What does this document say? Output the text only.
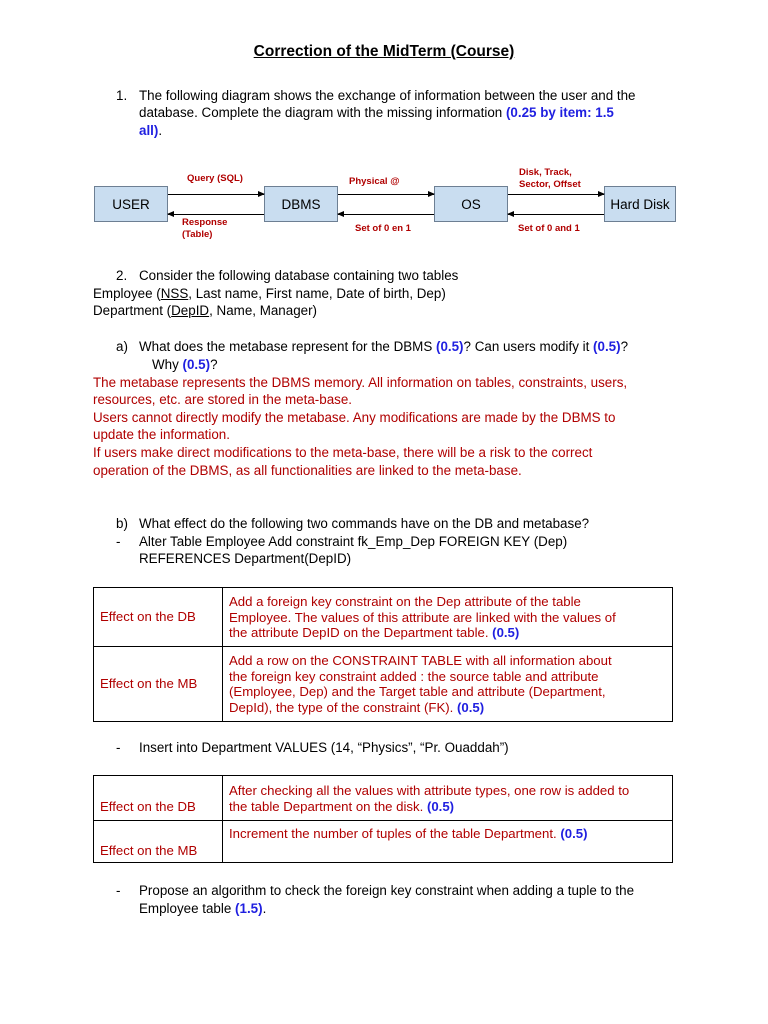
Correction of the MidTerm (Course)
1. The following diagram shows the exchange of information between the user and the
database. Complete the diagram with the missing information (0.25 by item: 1.5
all).
USER	DBMS	OS	Hard Disk
Query (SQL)
Response
(Table)
Physical @
Set of 0 en 1
Disk, Track,
Sector, Offset
Set of 0 and 1
2. Consider the following database containing two tables
Employee (NSS, Last name, First name, Date of birth, Dep)
Department (DepID, Name, Manager)
a) What does the metabase represent for the DBMS (0.5)? Can users modify it (0.5)?
Why (0.5)?
The metabase represents the DBMS memory. All information on tables, constraints, users,
resources, etc. are stored in the meta-base.
Users cannot directly modify the metabase. Any modifications are made by the DBMS to
update the information.
If users make direct modifications to the meta-base, there will be a risk to the correct
operation of the DBMS, as all functionalities are linked to the meta-base.
b) What effect do the following two commands have on the DB and metabase?
- Alter Table Employee Add constraint fk_Emp_Dep FOREIGN KEY (Dep)
REFERENCES Department(DepID)
Effect on the DB	Add a foreign key constraint on the Dep attribute of the table
Employee. The values of this attribute are linked with the values of
the attribute DepID on the Department table. (0.5)

Effect on the MB	Add a row on the CONSTRAINT TABLE with all information about
the foreign key constraint added : the source table and attribute
(Employee, Dep) and the Target table and attribute (Department,
DepId), the type of the constraint (FK). (0.5)
- Insert into Department VALUES (14, “Physics”, “Pr. Ouaddah”)
Effect on the DB	After checking all the values with attribute types, one row is added to
the table Department on the disk. (0.5)

Effect on the MB	Increment the number of tuples of the table Department. (0.5)
- Propose an algorithm to check the foreign key constraint when adding a tuple to the
Employee table (1.5).
